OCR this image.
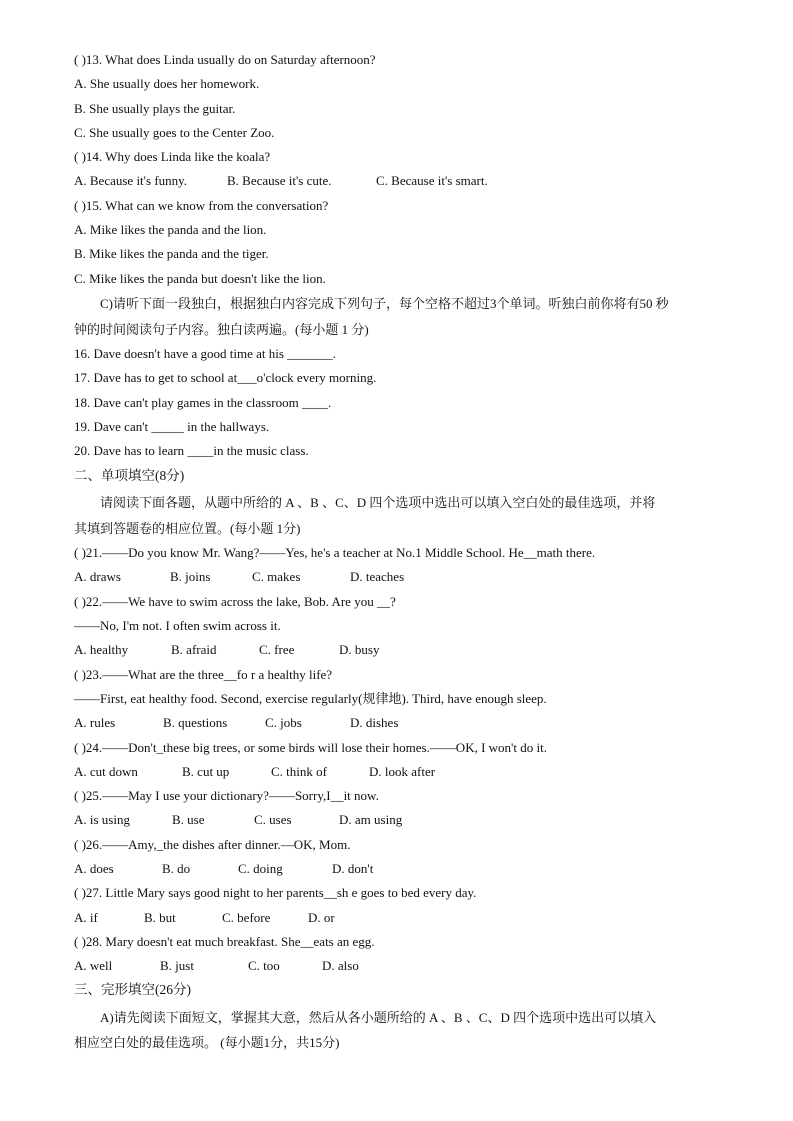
( )13. What does Linda usually do on Saturday afternoon?
A. She usually does her homework.
B. She usually plays the guitar.
C. She usually goes to the Center Zoo.
( )14. Why does Linda like the koala?
A. Because it's funny.	B. Because it's cute.	C. Because it's smart.
( )15. What can we know from the conversation?
A. Mike likes the panda and the lion.
B. Mike likes the panda and the tiger.
C. Mike likes the panda but doesn't like the lion.
C)请听下面一段独白，根据独白内容完成下列句子，每个空格不超过3个单词。听独白前你将有50 秒
钟的时间阅读句子内容。独白读两遍。(每小题 1 分)
16. Dave doesn't have a good time at his _______.
17. Dave has to get to school at___o'clock every morning.
18. Dave can't play games in the classroom ____.
19. Dave can't _____ in the hallways.
20. Dave has to learn ____in the music class.
二、单项填空(8分)
请阅读下面各题，从题中所给的 A 、B 、C、D 四个选项中选出可以填入空白处的最佳选项，并将
其填到答题卷的相应位置。(每小题 1分)
( )21.——Do you know Mr. Wang?——Yes, he's a teacher at No.1 Middle School. He__math there.
A. draws	B. joins	C. makes	D. teaches
( )22.——We have to swim across the lake, Bob. Are you __?
——No, I'm not. I often swim across it.
A. healthy	B. afraid	C. free	D. busy
( )23.——What are the three__fo r a healthy life?
——First, eat healthy food. Second, exercise regularly(规律地). Third, have enough sleep.
A. rules	B. questions	C. jobs	D. dishes
( )24.——Don't_these big trees, or some birds will lose their homes.——OK, I won't do it.
A. cut down	B. cut up	C. think of	D. look after
( )25.——May I use your dictionary?——Sorry,I__it now.
A. is using	B. use	C. uses	D. am using
( )26.——Amy,_the dishes after dinner.—OK, Mom.
A. does	B. do	C. doing	D. don't
( )27. Little Mary says good night to her parents__sh e goes to bed every day.
A. if	B. but	C. before	D. or
( )28. Mary doesn't eat much breakfast. She__eats an egg.
A. well	B. just	C. too	D. also
三、完形填空(26分)
A)请先阅读下面短文，掌握其大意，然后从各小题所给的 A 、B 、C、D 四个选项中选出可以填入
相应空白处的最佳选项。 (每小题1分，共15分)
